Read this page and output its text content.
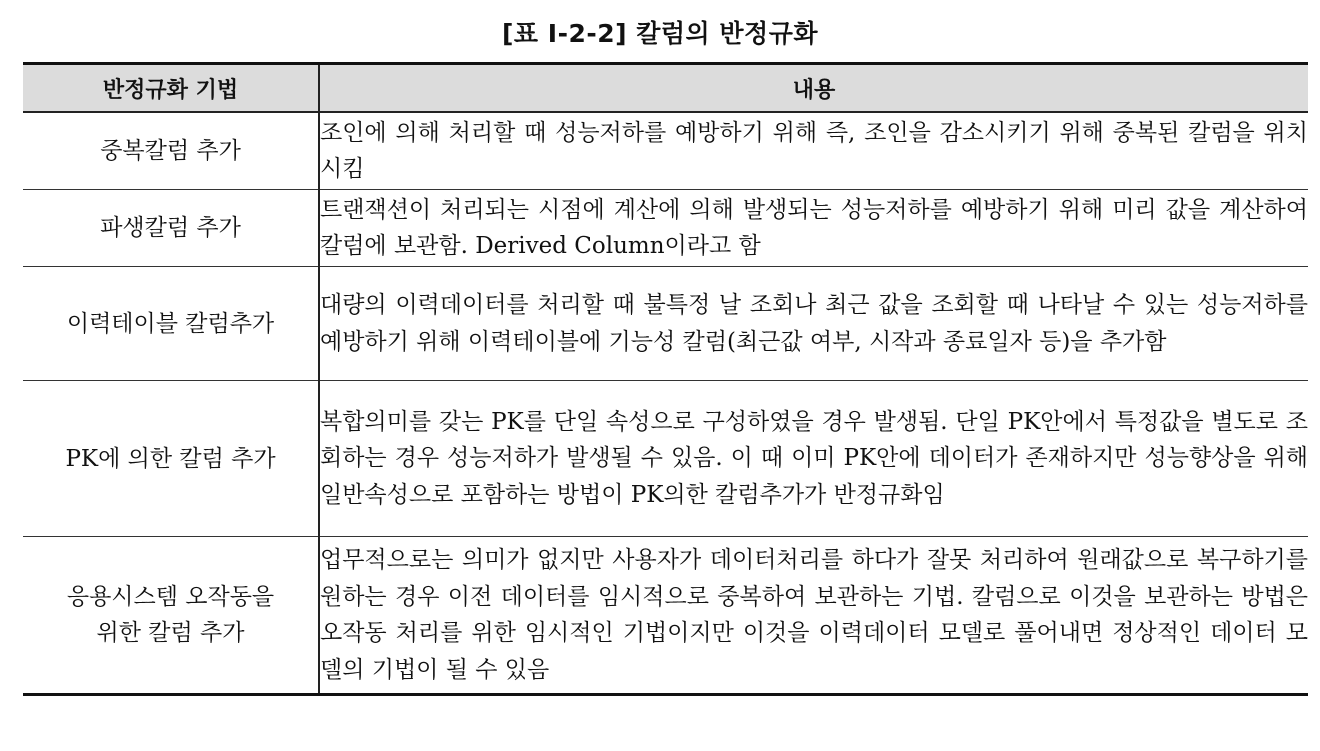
[표 Ⅰ-2-2] 칼럼의 반정규화
반정규화 기법	내용

중복칼럼 추가	조인에 의해 처리할 때 성능저하를 예방하기 위해 즉, 조인을 감소시키기 위해 중복된 칼럼을 위치시킴

파생칼럼 추가	트랜잭션이 처리되는 시점에 계산에 의해 발생되는 성능저하를 예방하기 위해 미리 값을 계산하여 칼럼에 보관함. Derived Column이라고 함

이력테이블 칼럼추가	대량의 이력데이터를 처리할 때 불특정 날 조회나 최근 값을 조회할 때 나타날 수 있는 성능저하를 예방하기 위해 이력테이블에 기능성 칼럼(최근값 여부, 시작과 종료일자 등)을 추가함

PK에 의한 칼럼 추가	복합의미를 갖는 PK를 단일 속성으로 구성하였을 경우 발생됨. 단일 PK안에서 특정값을 별도로 조회하는 경우 성능저하가 발생될 수 있음. 이 때 이미 PK안에 데이터가 존재하지만 성능향상을 위해 일반속성으로 포함하는 방법이 PK의한 칼럼추가가 반정규화임

응용시스템 오작동을
위한 칼럼 추가	업무적으로는 의미가 없지만 사용자가 데이터처리를 하다가 잘못 처리하여 원래값으로 복구하기를 원하는 경우 이전 데이터를 임시적으로 중복하여 보관하는 기법. 칼럼으로 이것을 보관하는 방법은 오작동 처리를 위한 임시적인 기법이지만 이것을 이력데이터 모델로 풀어내면 정상적인 데이터 모델의 기법이 될 수 있음
